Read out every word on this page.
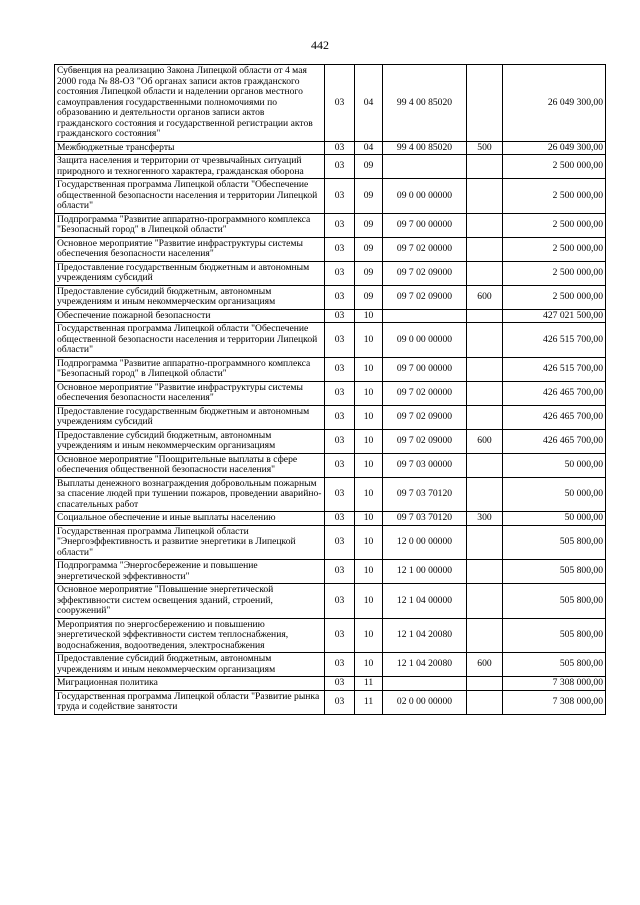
442
Субвенция на реализацию Закона Липецкой области от 4 мая 2000 года № 88-ОЗ "Об органах записи актов гражданского состояния Липецкой области и наделении органов местного самоуправления государственными полномочиями по образованию и деятельности органов записи актов гражданского состояния и государственной регистрации актов гражданского состояния"	03	04	99 4 00 85020		26 049 300,00
Межбюджетные трансферты	03	04	99 4 00 85020	500	26 049 300,00
Защита населения и территории от чрезвычайных ситуаций природного и техногенного характера, гражданская оборона	03	09			2 500 000,00
Государственная программа Липецкой области "Обеспечение общественной безопасности населения и территории Липецкой области"	03	09	09 0 00 00000		2 500 000,00
Подпрограмма "Развитие аппаратно-программного комплекса "Безопасный город" в Липецкой области"	03	09	09 7 00 00000		2 500 000,00
Основное мероприятие "Развитие инфраструктуры системы обеспечения безопасности населения"	03	09	09 7 02 00000		2 500 000,00
Предоставление государственным бюджетным и автономным учреждениям субсидий	03	09	09 7 02 09000		2 500 000,00
Предоставление субсидий бюджетным, автономным учреждениям и иным некоммерческим организациям	03	09	09 7 02 09000	600	2 500 000,00
Обеспечение пожарной безопасности	03	10			427 021 500,00
Государственная программа Липецкой области "Обеспечение общественной безопасности населения и территории Липецкой области"	03	10	09 0 00 00000		426 515 700,00
Подпрограмма "Развитие аппаратно-программного комплекса "Безопасный город" в Липецкой области"	03	10	09 7 00 00000		426 515 700,00
Основное мероприятие "Развитие инфраструктуры системы обеспечения безопасности населения"	03	10	09 7 02 00000		426 465 700,00
Предоставление государственным бюджетным и автономным учреждениям субсидий	03	10	09 7 02 09000		426 465 700,00
Предоставление субсидий бюджетным, автономным учреждениям и иным некоммерческим организациям	03	10	09 7 02 09000	600	426 465 700,00
Основное мероприятие "Поощрительные выплаты в сфере обеспечения общественной безопасности населения"	03	10	09 7 03 00000		50 000,00
Выплаты денежного вознаграждения добровольным пожарным за спасение людей при тушении пожаров, проведении аварийно-спасательных работ	03	10	09 7 03 70120		50 000,00
Социальное обеспечение и иные выплаты населению	03	10	09 7 03 70120	300	50 000,00
Государственная программа Липецкой области "Энергоэффективность и развитие энергетики в Липецкой области"	03	10	12 0 00 00000		505 800,00
Подпрограмма "Энергосбережение и повышение энергетической эффективности"	03	10	12 1 00 00000		505 800,00
Основное мероприятие "Повышение энергетической эффективности систем освещения зданий, строений, сооружений"	03	10	12 1 04 00000		505 800,00
Мероприятия по энергосбережению и повышению энергетической эффективности систем теплоснабжения, водоснабжения, водоотведения, электроснабжения	03	10	12 1 04 20080		505 800,00
Предоставление субсидий бюджетным, автономным учреждениям и иным некоммерческим организациям	03	10	12 1 04 20080	600	505 800,00
Миграционная политика	03	11			7 308 000,00
Государственная программа Липецкой области "Развитие рынка труда и содействие занятости	03	11	02 0 00 00000		7 308 000,00
